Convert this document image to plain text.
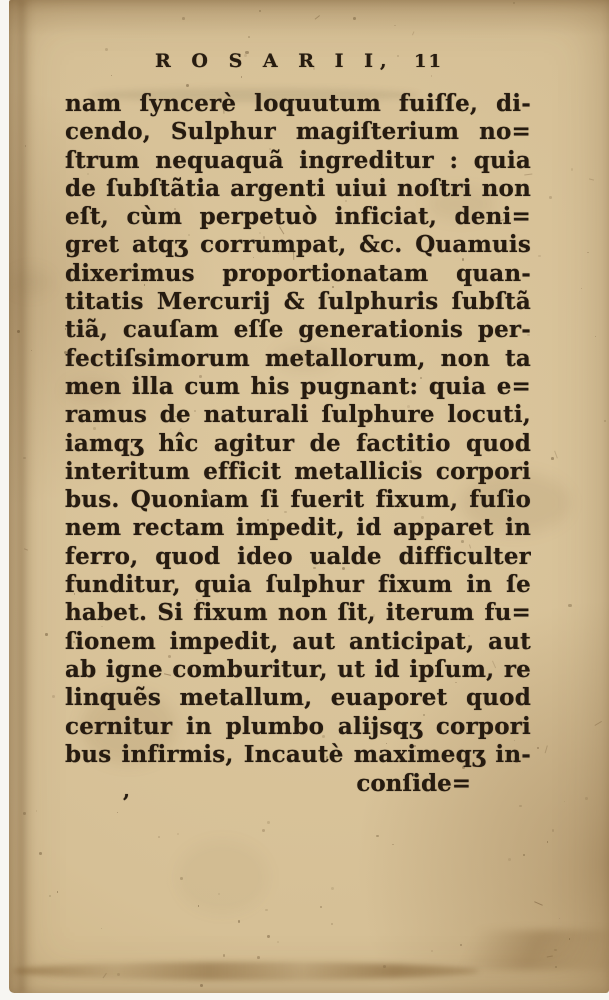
R O S A R I I, 11
nam ſyncerè loquutum fuiſſe, di-
cendo, Sulphur magiſterium no=
ſtrum nequaquã ingreditur : quia
de ſubſtãtia argenti uiui noſtri non
eſt, cùm perpetuò inficiat, deni=
gret atqʒ corrumpat, &c. Quamuis
dixerimus proportionatam quan-
titatis Mercurij & ſulphuris ſubſtã
tiã, cauſam eſſe generationis per-
fectiſsimorum metallorum, non ta
men illa cum his pugnant: quia e=
ramus de naturali ſulphure locuti,
iamqʒ hîc agitur de factitio quod
interitum efficit metallicis corpori
bus. Quoniam ſi fuerit fixum, fuſio
nem rectam impedit, id apparet in
ferro, quod ideo ualde difficulter
funditur, quia ſulphur fixum in ſe
habet. Si fixum non ſit, iterum fu=
ſionem impedit, aut anticipat, aut
ab igne comburitur, ut id ipſum, re
linquẽs metallum, euaporet quod
cernitur in plumbo alijsqʒ corpori
bus infirmis, Incautè maximeqʒ in-
,	conſide=
